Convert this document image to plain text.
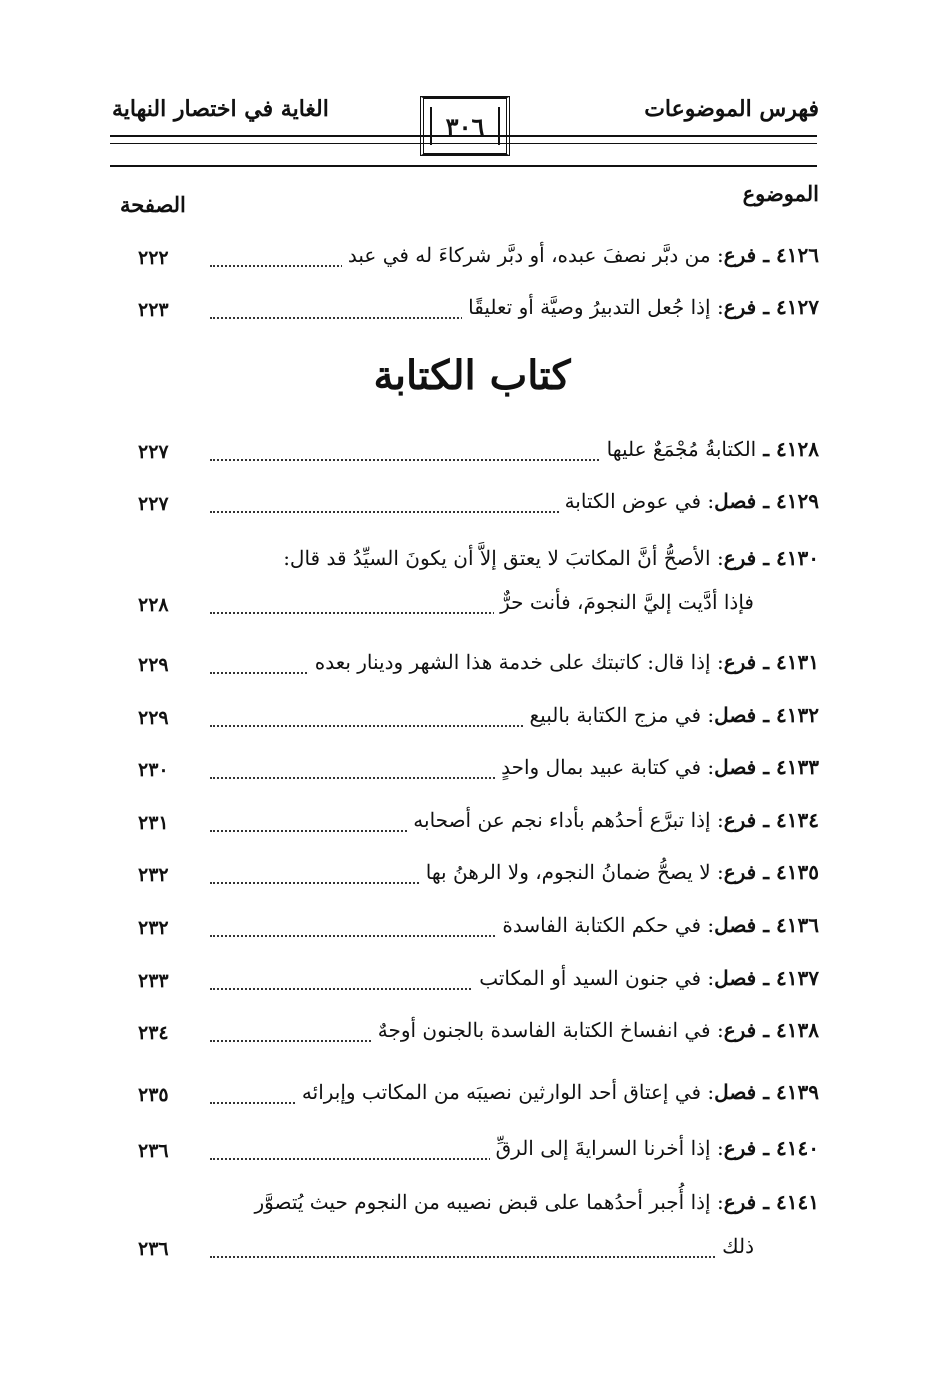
فهرس الموضوعات
٣٠٦
الغاية في اختصار النهاية
الموضوع
الصفحة
٤١٢٦ ـ فرع: من دبَّر نصفَ عبده، أو دبَّر شركاءَ له في عبد
٢٢٢
٤١٢٧ ـ فرع: إذا جُعل التدبيرُ وصيَّة أو تعليقًا
٢٢٣
كتاب الكتابة
٤١٢٨ ـ الكتابةُ مُجْمَعٌ عليها
٢٢٧
٤١٢٩ ـ فصل: في عوض الكتابة
٢٢٧
٤١٣٠ ـ فرع: الأصحُّ أنَّ المكاتبَ لا يعتق إلاَّ أن يكونَ السيِّدُ قد قال:
فإذا أدَّيت إليَّ النجومَ، فأنت حرٌّ
٢٢٨
٤١٣١ ـ فرع: إذا قال: كاتبتك على خدمة هذا الشهر ودينار بعده
٢٢٩
٤١٣٢ ـ فصل: في مزج الكتابة بالبيع
٢٢٩
٤١٣٣ ـ فصل: في كتابة عبيد بمال واحدٍ
٢٣٠
٤١٣٤ ـ فرع: إذا تبرَّع أحدُهم بأداء نجم عن أصحابه
٢٣١
٤١٣٥ ـ فرع: لا يصحُّ ضمانُ النجوم، ولا الرهنُ بها
٢٣٢
٤١٣٦ ـ فصل: في حكم الكتابة الفاسدة
٢٣٢
٤١٣٧ ـ فصل: في جنون السيد أو المكاتب
٢٣٣
٤١٣٨ ـ فرع: في انفساخ الكتابة الفاسدة بالجنون أوجهٌ
٢٣٤
٤١٣٩ ـ فصل: في إعتاق أحد الوارثين نصيبَه من المكاتب وإبرائه
٢٣٥
٤١٤٠ ـ فرع: إذا أخرنا السرايةَ إلى الرقِّ
٢٣٦
٤١٤١ ـ فرع: إذا أُجبر أحدُهما على قبض نصيبه من النجوم حيث يُتصوَّر
ذلك
٢٣٦
